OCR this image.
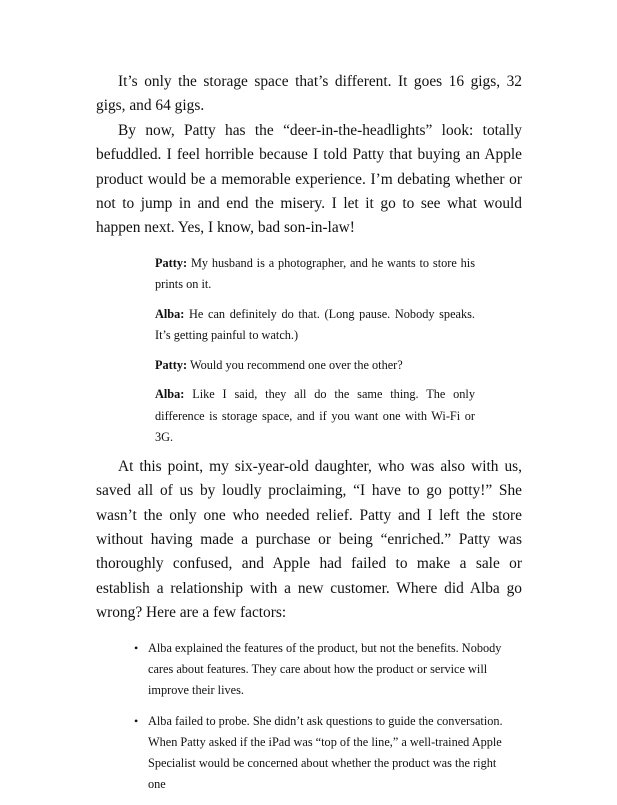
It’s only the storage space that’s different. It goes 16 gigs, 32 gigs, and 64 gigs.

By now, Patty has the “deer-in-the-headlights” look: totally befuddled. I feel horrible because I told Patty that buying an Apple product would be a memorable experience. I’m debating whether or not to jump in and end the misery. I let it go to see what would happen next. Yes, I know, bad son-in-law!

Patty: My husband is a photographer, and he wants to store his prints on it.
Alba: He can definitely do that. (Long pause. Nobody speaks. It’s getting painful to watch.)
Patty: Would you recommend one over the other?
Alba: Like I said, they all do the same thing. The only difference is storage space, and if you want one with Wi-Fi or 3G.

At this point, my six-year-old daughter, who was also with us, saved all of us by loudly proclaiming, “I have to go potty!” She wasn’t the only one who needed relief. Patty and I left the store without having made a purchase or being “enriched.” Patty was thoroughly confused, and Apple had failed to make a sale or establish a relationship with a new customer. Where did Alba go wrong? Here are a few factors:

• Alba explained the features of the product, but not the benefits. Nobody cares about features. They care about how the product or service will improve their lives.
• Alba failed to probe. She didn’t ask questions to guide the conversation. When Patty asked if the iPad was “top of the line,” a well-trained Apple Specialist would be concerned about whether the product was the right one
